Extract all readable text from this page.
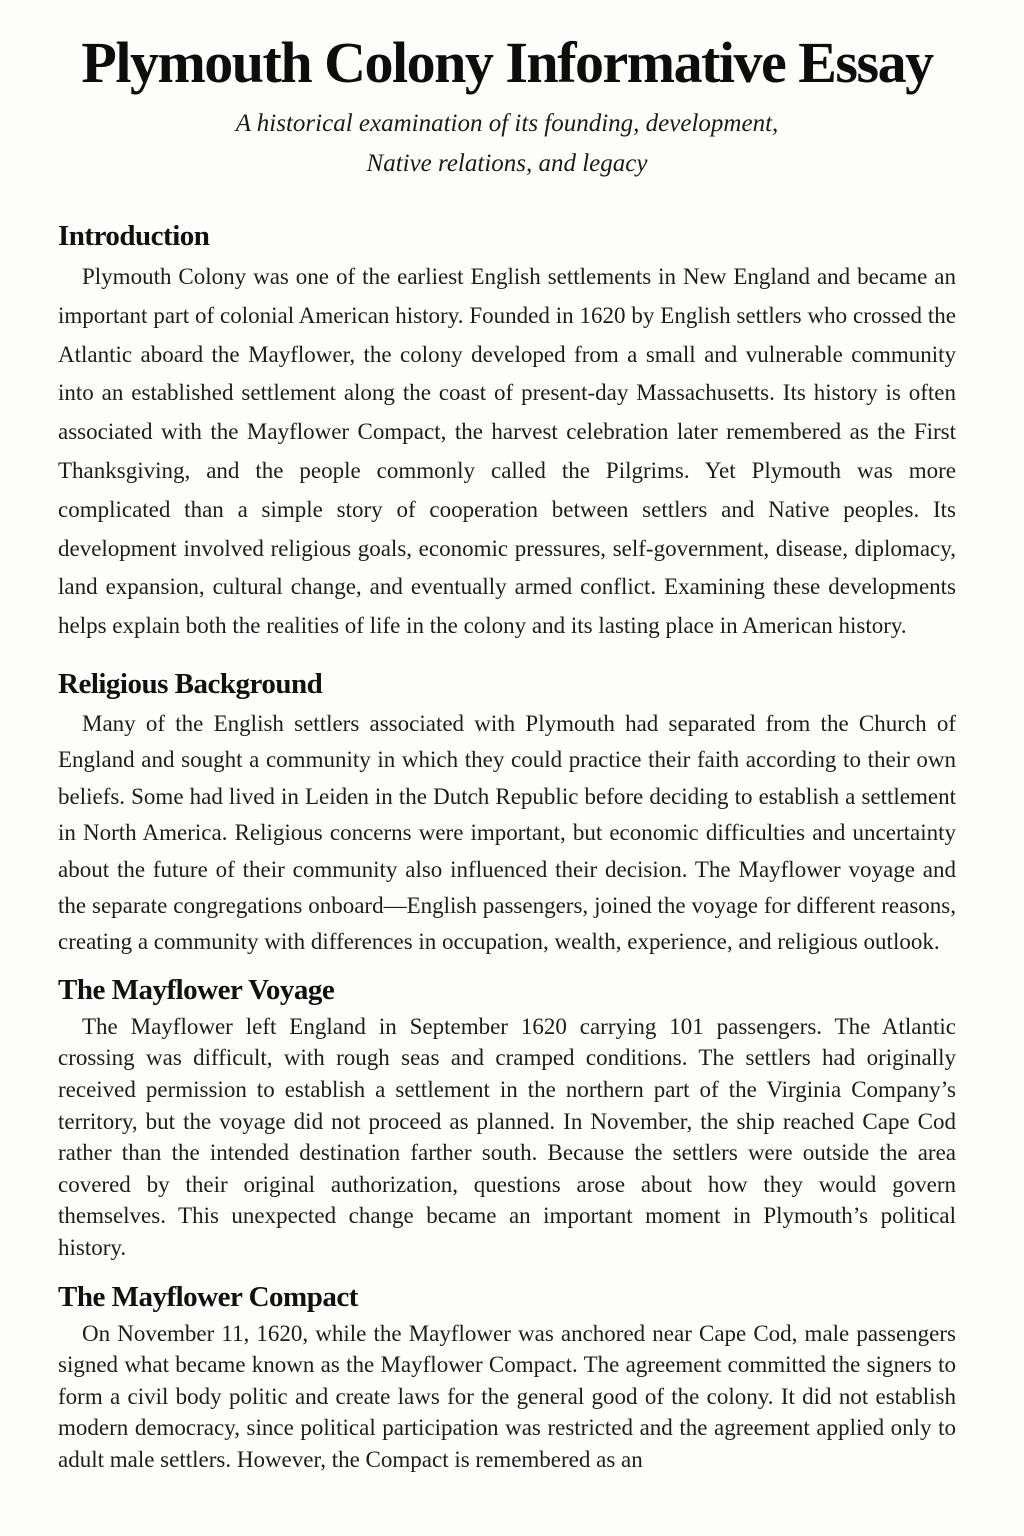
Plymouth Colony Informative Essay

A historical examination of its founding, development,
Native relations, and legacy

Introduction

Plymouth Colony was one of the earliest English settlements in New England and became an important part of colonial American history. Founded in 1620 by English settlers who crossed the Atlantic aboard the Mayflower, the colony developed from a small and vulnerable community into an established settlement along the coast of present-day Massachusetts. Its history is often associated with the Mayflower Compact, the harvest celebration later remembered as the First Thanksgiving, and the people commonly called the Pilgrims. Yet Plymouth was more complicated than a simple story of cooperation between settlers and Native peoples. Its development involved religious goals, economic pressures, self-government, disease, diplomacy, land expansion, cultural change, and eventually armed conflict. Examining these developments helps explain both the realities of life in the colony and its lasting place in American history.

Religious Background

Many of the English settlers associated with Plymouth had separated from the Church of England and sought a community in which they could practice their faith according to their own beliefs. Some had lived in Leiden in the Dutch Republic before deciding to establish a settlement in North America. Religious concerns were important, but economic difficulties and uncertainty about the future of their community also influenced their decision. The Mayflower voyage and the separate congregations onboard—English passengers, joined the voyage for different reasons, creating a community with differences in occupation, wealth, experience, and religious outlook.

The Mayflower Voyage

The Mayflower left England in September 1620 carrying 101 passengers. The Atlantic crossing was difficult, with rough seas and cramped conditions. The settlers had originally received permission to establish a settlement in the northern part of the Virginia Company’s territory, but the voyage did not proceed as planned. In November, the ship reached Cape Cod rather than the intended destination farther south. Because the settlers were outside the area covered by their original authorization, questions arose about how they would govern themselves. This unexpected change became an important moment in Plymouth’s political history.

The Mayflower Compact

On November 11, 1620, while the Mayflower was anchored near Cape Cod, male passengers signed what became known as the Mayflower Compact. The agreement committed the signers to form a civil body politic and create laws for the general good of the colony. It did not establish modern democracy, since political participation was restricted and the agreement applied only to adult male settlers. However, the Compact is remembered as an
